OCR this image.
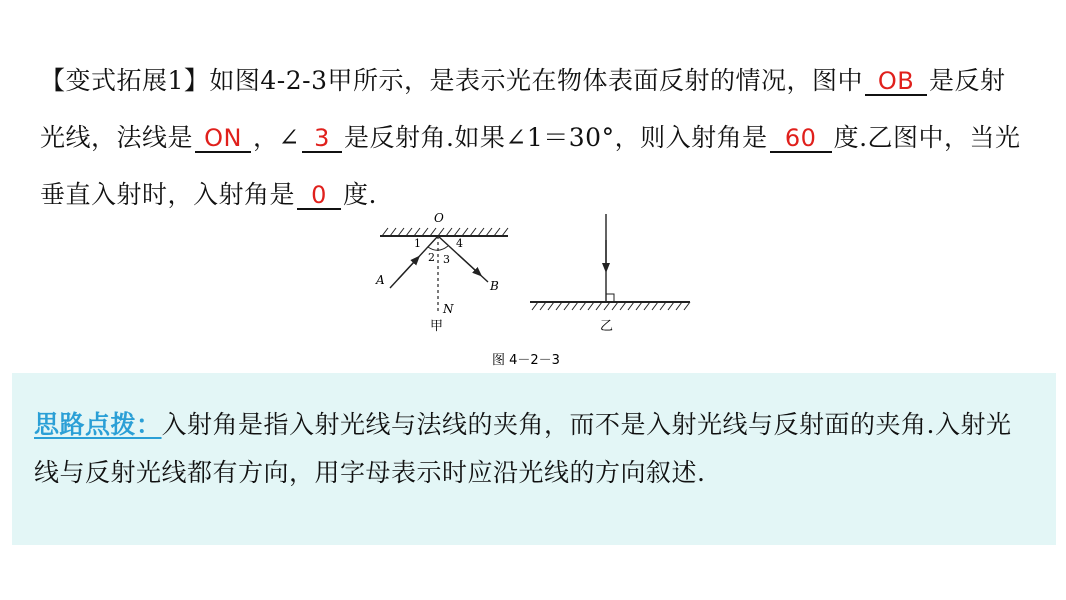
【变式拓展1】如图4-2-3甲所示，是表示光在物体表面反射的情况，图中 OB 是反射光线，法线是 ON ，∠ 3 是反射角.如果∠1＝30°，则入射角是 60 度.乙图中，当光垂直入射时，入射角是 0 度.
O
1	4
2 3
A	B
N
甲	乙
图 4－2－3
思路点拨：入射角是指入射光线与法线的夹角，而不是入射光线与反射面的夹角.入射光线与反射光线都有方向，用字母表示时应沿光线的方向叙述.
